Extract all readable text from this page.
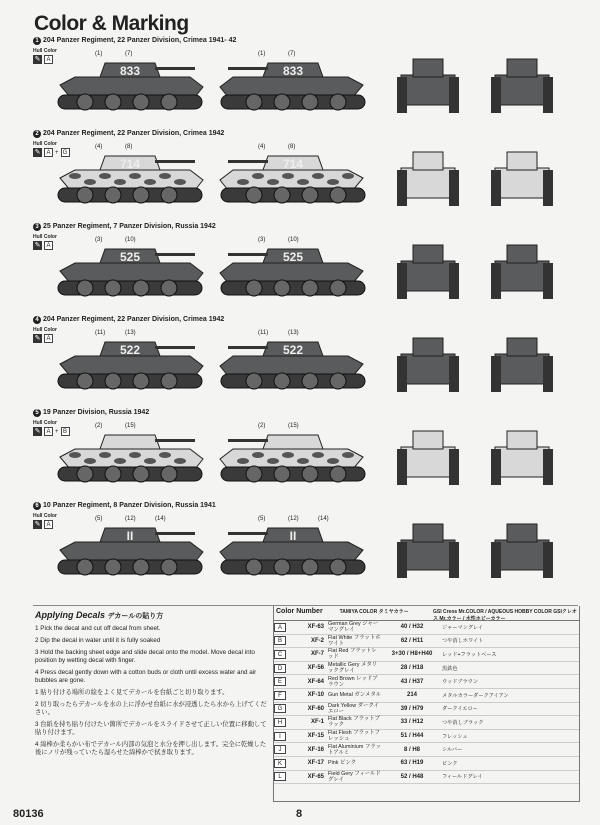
Color & Marking
1 204 Panzer Regiment, 22 Panzer Division, Crimea 1941- 42
Hull Color
✎	A
2 204 Panzer Regiment, 22 Panzer Division, Crimea 1942
Hull Color
✎	A + G
3 25 Panzer Regiment, 7 Panzer Division, Russia 1942
Hull Color
✎	A
4 204 Panzer Regiment, 22 Panzer Division, Crimea 1942
Hull Color
✎	A
5 19 Panzer Division, Russia 1942
Hull Color
✎	A + B
6 10 Panzer Regiment, 8 Panzer Division, Russia 1941
Hull Color
✎	A
Applying Decals デカールの貼り方

1 Pick the decal and cut off decal from sheet.

2 Dip the decal in water until it is fully soaked

3 Hold the backing sheet edge and slide decal onto the model. Move decal into position by wetting decal with finger.

4 Press decal gently down with a cotton buds or cloth until excess water and air bubbles are gone.

1 貼り付ける場所の絵をよく見てデカールを台紙ごと切り取ります。

2 切り取ったらデカールを水の上に浮かせ台紙に水が浸透したら水から上げてください。

3 台紙を持ち貼り付けたい箇所でデカールをスライドさせて正しい位置に移動して貼り付けます。

4 綿棒か柔らかい布でデカール内部の気泡と水分を押し出します。完全に乾燥した後にノリが残っていたら湿らせた綿棒かで拭き取ります。

Color Number	TAMIYA COLOR タミヤカラー	GSI Creos Mr.COLOR / AQUEOUS HOBBY COLOR GSIクレオス Mr.カラー / 水性ホビーカラー
A	XF-63 German Grey ジャーマングレイ	40 / H32	ジャーマングレイ
B	XF-2 Flat White フラットホワイト	62 / H11	つや消しホワイト
C	XF-7 Flat Red フラットレッド	3+30 / H8+H40	レッド+フラットベース
D	XF-56 Metallic Gery メタリックグレイ	28 / H18	黒鉄色
E	XF-64 Red Brown レッドブラウン	43 / H37	ウッドブラウン
F	XF-10 Gun Metal ガンメタル	214	メタルカラーダークアイアン
G	XF-60 Dark Yellow ダークイエロー	39 / H79	ダークイエロー
H	XF-1 Flat Black フラットブラック	33 / H12	つや消しブラック
I	XF-15 Flat Flesh フラットフレッシュ	51 / H44	フレッシュ
J	XF-16 Flat Aluminium フラットアルミ	8 / H8	シルバー
K	XF-17 Pink ピンク	63 / H19	ピンク
L	XF-65 Field Gery フィールドグレイ	52 / H48	フィールドグレイ
80136	8
833
(1)	(7)
833
(1)	(7)
714
(4)	(8)
714
(4)	(8)
525
(3)	(10)
525
(3)	(10)
522
(11)	(13)
522
(11)	(13)
(2)	(15)	(2)	(15)
II
(5)	(12)	(14)
II
(5)	(12)	(14)
